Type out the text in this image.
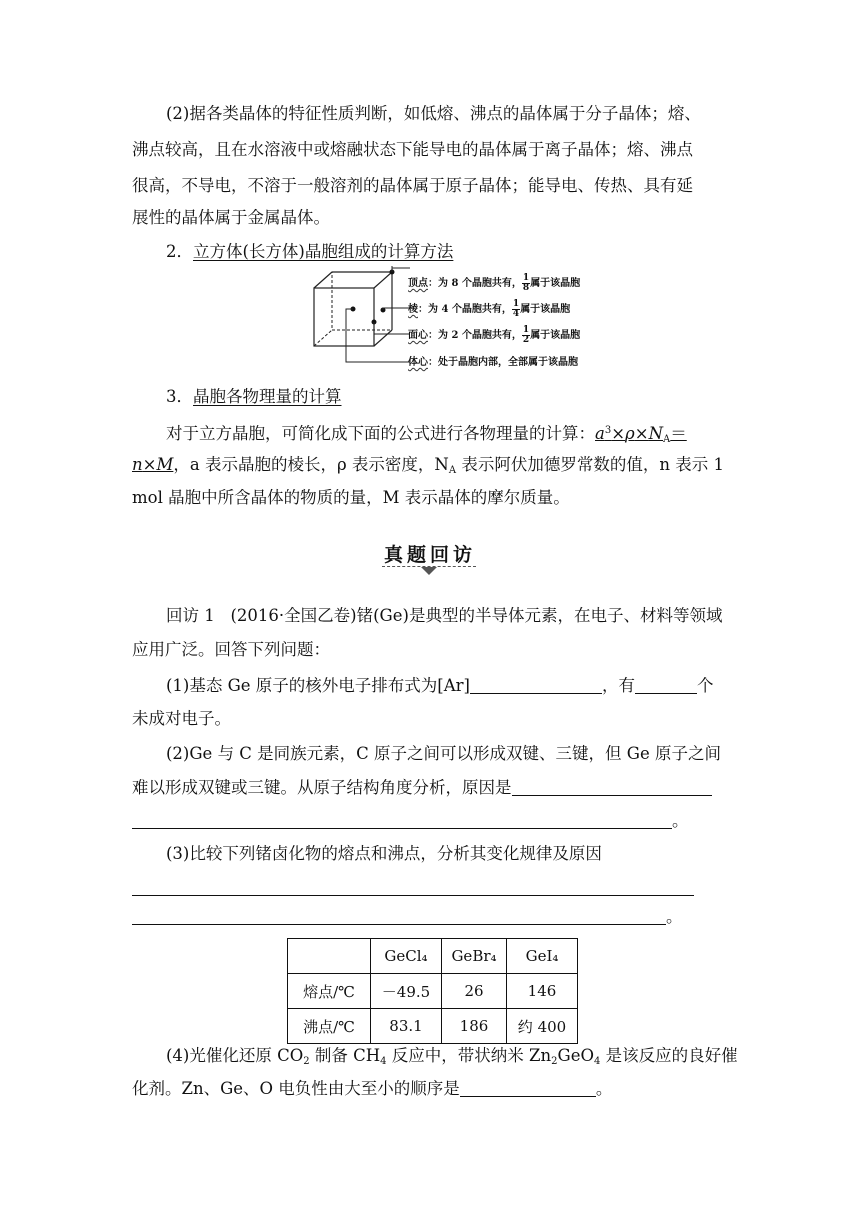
(2)据各类晶体的特征性质判断，如低熔、沸点的晶体属于分子晶体；熔、
沸点较高，且在水溶液中或熔融状态下能导电的晶体属于离子晶体；熔、沸点
很高，不导电，不溶于一般溶剂的晶体属于原子晶体；能导电、传热、具有延
展性的晶体属于金属晶体。
2．立方体(长方体)晶胞组成的计算方法
顶点：为 8 个晶胞共有， $\frac{1}{8}$ 属于该晶胞
棱：为 4 个晶胞共有， $\frac{1}{4}$ 属于该晶胞
面心：为 2 个晶胞共有， $\frac{1}{2}$ 属于该晶胞
体心：处于晶胞内部，全部属于该晶胞
3．晶胞各物理量的计算
对于立方晶胞，可简化成下面的公式进行各物理量的计算：$a^3\times\rho\times N_A=$
n×M，a 表示晶胞的棱长，ρ 表示密度，$N_A$ 表示阿伏加德罗常数的值，n 表示 1
mol 晶胞中所含晶体的物质的量，M 表示晶体的摩尔质量。
真题回访
回访 1 (2016·全国乙卷)锗(Ge)是典型的半导体元素，在电子、材料等领域
应用广泛。回答下列问题：
(1)基态 Ge 原子的核外电子排布式为[Ar]	，有	个
未成对电子。
(2)Ge 与 C 是同族元素，C 原子之间可以形成双键、三键，但 Ge 原子之间
难以形成双键或三键。从原子结构角度分析，原因是
。
(3)比较下列锗卤化物的熔点和沸点，分析其变化规律及原因
。
	GeCl₄	GeBr₄	GeI₄
熔点/℃	－49.5	26	146
沸点/℃	83.1	186	约 400
(4)光催化还原 $CO_2$ 制备 $CH_4$ 反应中，带状纳米 $Zn_2GeO_4$ 是该反应的良好催
化剂。Zn、Ge、O 电负性由大至小的顺序是	。
